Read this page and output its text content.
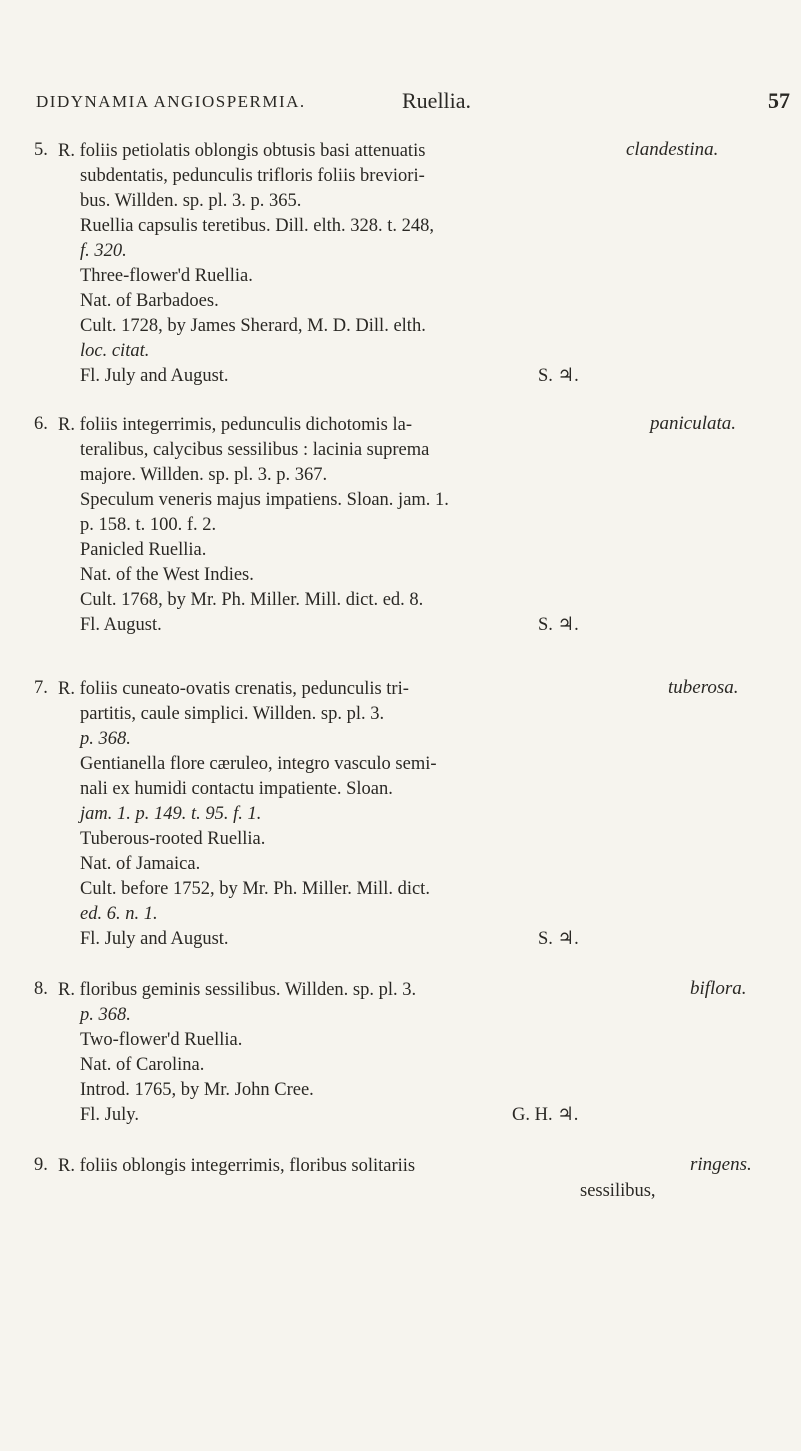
DIDYNAMIA ANGIOSPERMIA.	Ruellia.	57
5.	clandestina.
R. foliis petiolatis oblongis obtusis basi attenuatis
subdentatis, pedunculis trifloris foliis breviori-
bus. Willden. sp. pl. 3. p. 365.
Ruellia capsulis teretibus. Dill. elth. 328. t. 248,
f. 320.
Three-flower'd Ruellia.
Nat. of Barbadoes.
Cult. 1728, by James Sherard, M. D. Dill. elth.
loc. citat.
Fl. July and August.	S. ♃.
6.	paniculata.
R. foliis integerrimis, pedunculis dichotomis la-
teralibus, calycibus sessilibus : lacinia suprema
majore. Willden. sp. pl. 3. p. 367.
Speculum veneris majus impatiens. Sloan. jam. 1.
p. 158. t. 100. f. 2.
Panicled Ruellia.
Nat. of the West Indies.
Cult. 1768, by Mr. Ph. Miller. Mill. dict. ed. 8.
Fl. August.	S. ♃.
7.	tuberosa.
R. foliis cuneato-ovatis crenatis, pedunculis tri-
partitis, caule simplici. Willden. sp. pl. 3.
p. 368.
Gentianella flore cæruleo, integro vasculo semi-
nali ex humidi contactu impatiente. Sloan.
jam. 1. p. 149. t. 95. f. 1.
Tuberous-rooted Ruellia.
Nat. of Jamaica.
Cult. before 1752, by Mr. Ph. Miller. Mill. dict.
ed. 6. n. 1.
Fl. July and August.	S. ♃.
8.	biflora.
R. floribus geminis sessilibus. Willden. sp. pl. 3.
p. 368.
Two-flower'd Ruellia.
Nat. of Carolina.
Introd. 1765, by Mr. John Cree.
Fl. July.	G. H. ♃.
9.	ringens.
R. foliis oblongis integerrimis, floribus solitariis
sessilibus,
